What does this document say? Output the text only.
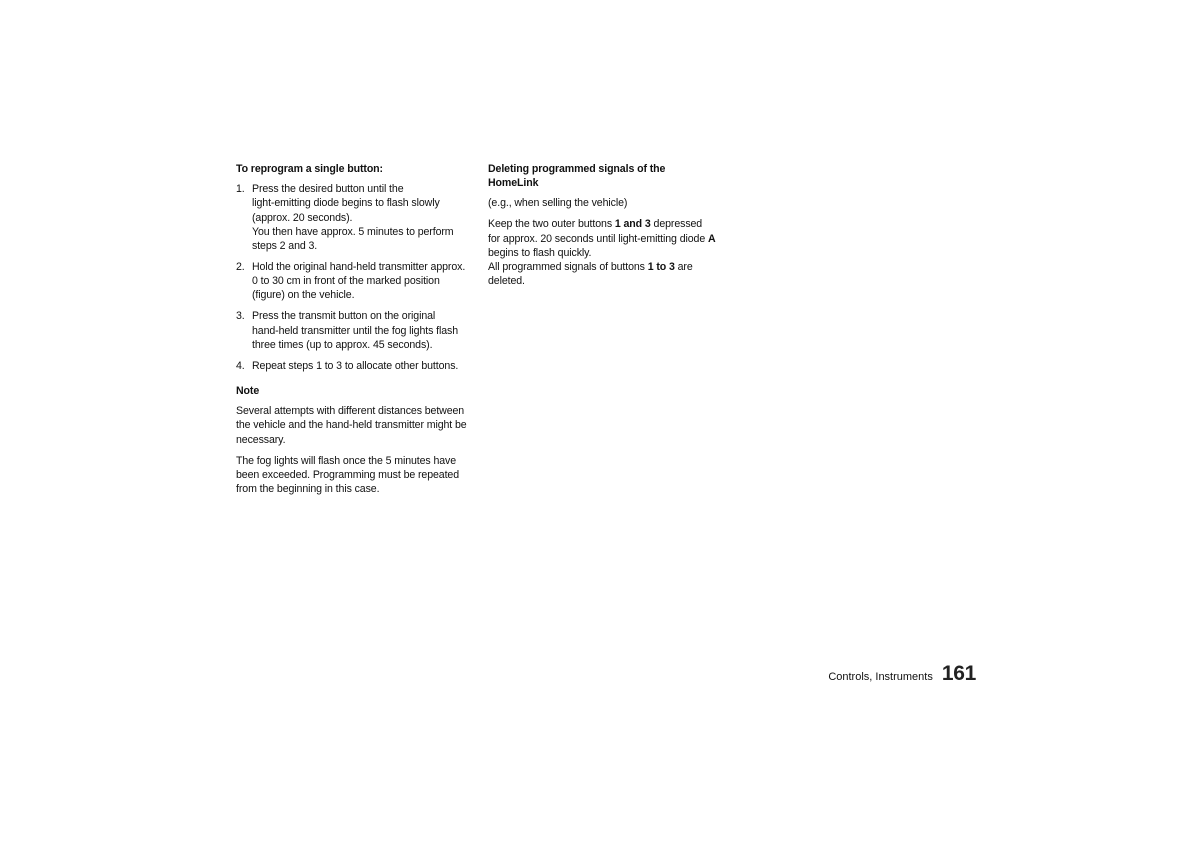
To reprogram a single button:
1. Press the desired button until the
light-emitting diode begins to flash slowly
(approx. 20 seconds).
You then have approx. 5 minutes to perform
steps 2 and 3.
2. Hold the original hand-held transmitter approx.
0 to 30 cm in front of the marked position
(figure) on the vehicle.
3. Press the transmit button on the original
hand-held transmitter until the fog lights flash
three times (up to approx. 45 seconds).
4. Repeat steps 1 to 3 to allocate other buttons.
Note

Several attempts with different distances between
the vehicle and the hand-held transmitter might be
necessary.

The fog lights will flash once the 5 minutes have
been exceeded. Programming must be repeated
from the beginning in this case.

Deleting programmed signals of the
HomeLink

(e.g., when selling the vehicle)

Keep the two outer buttons 1 and 3 depressed
for approx. 20 seconds until light-emitting diode A
begins to flash quickly.
All programmed signals of buttons 1 to 3 are
deleted.

Controls, Instruments 161
